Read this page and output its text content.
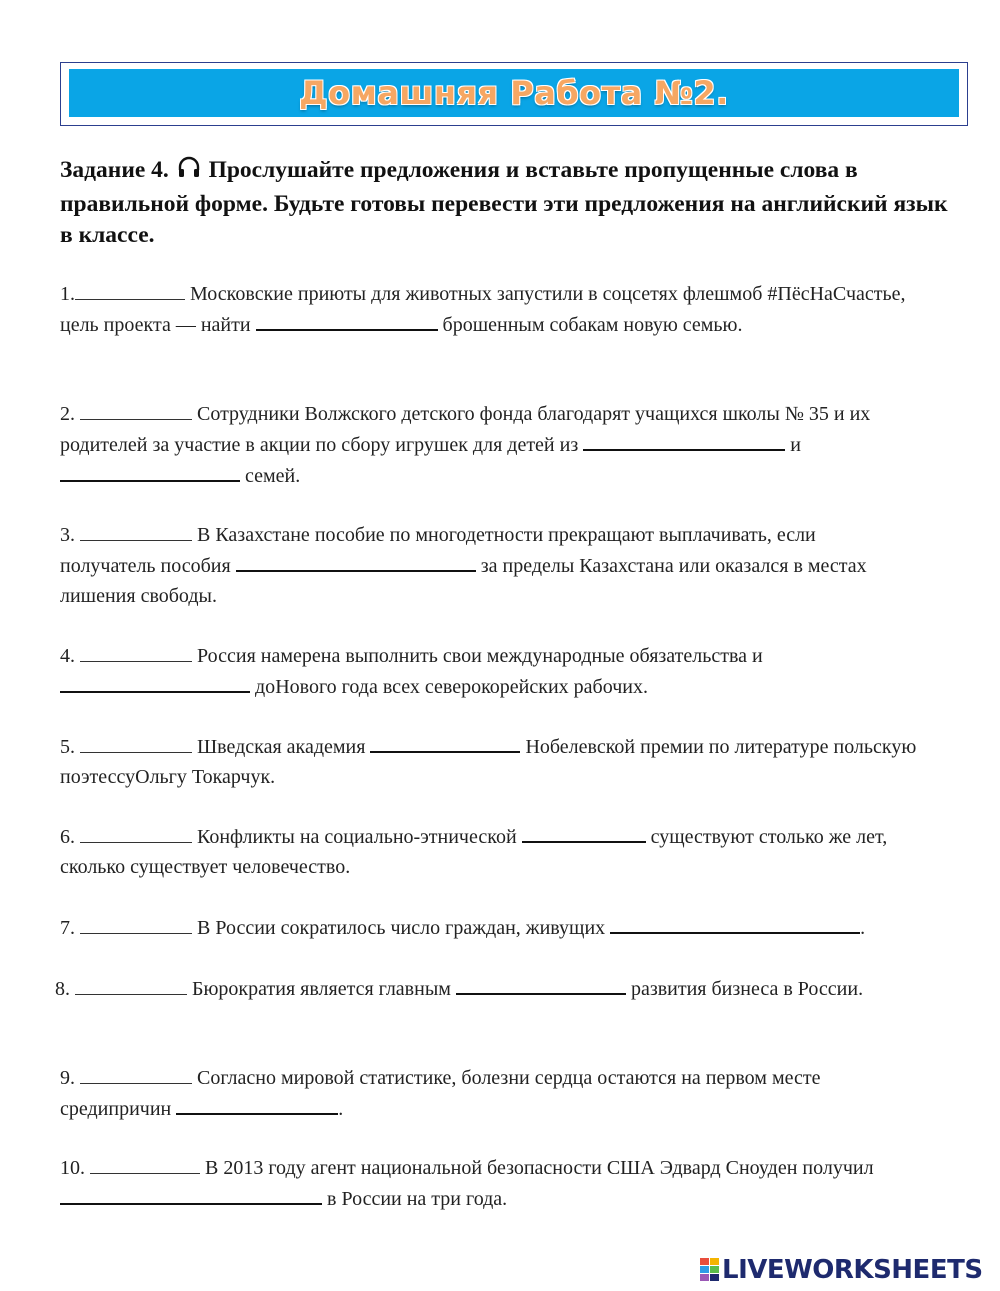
Домашняя Работа №2.
Задание 4. Прослушайте предложения и вставьте пропущенные слова в правильной форме. Будьте готовы перевести эти предложения на английский язык в классе.
1.	Московские приюты для животных запустили в соцсетях флешмоб #ПёсНаСчастье, цель проекта — найти	брошенным собакам новую семью.
2.	Сотрудники Волжского детского фонда благодарят учащихся школы № 35 и их родителей за участие в акции по сбору игрушек для детей из	и  семей.
3.	В Казахстане пособие по многодетности прекращают выплачивать, если получатель пособия	за пределы Казахстана или оказался в местах лишения свободы.
4.	Россия намерена выполнить свои международные обязательства и  доНового года всех северокорейских рабочих.
5.	Шведская академия	Нобелевской премии по литературе польскую поэтессуОльгу Токарчук.
6.	Конфликты на социально-этнической	существуют столько же лет, сколько существует человечество.
7.	В России сократилось число граждан, живущих	.
8.	Бюрократия является главным	развития бизнеса в России.
9.	Согласно мировой статистике, болезни сердца остаются на первом месте средипричин	.
10.	В 2013 году агент национальной безопасности США Эдвард Сноуден получил  в России на три года.
LIVEWORKSHEETS
